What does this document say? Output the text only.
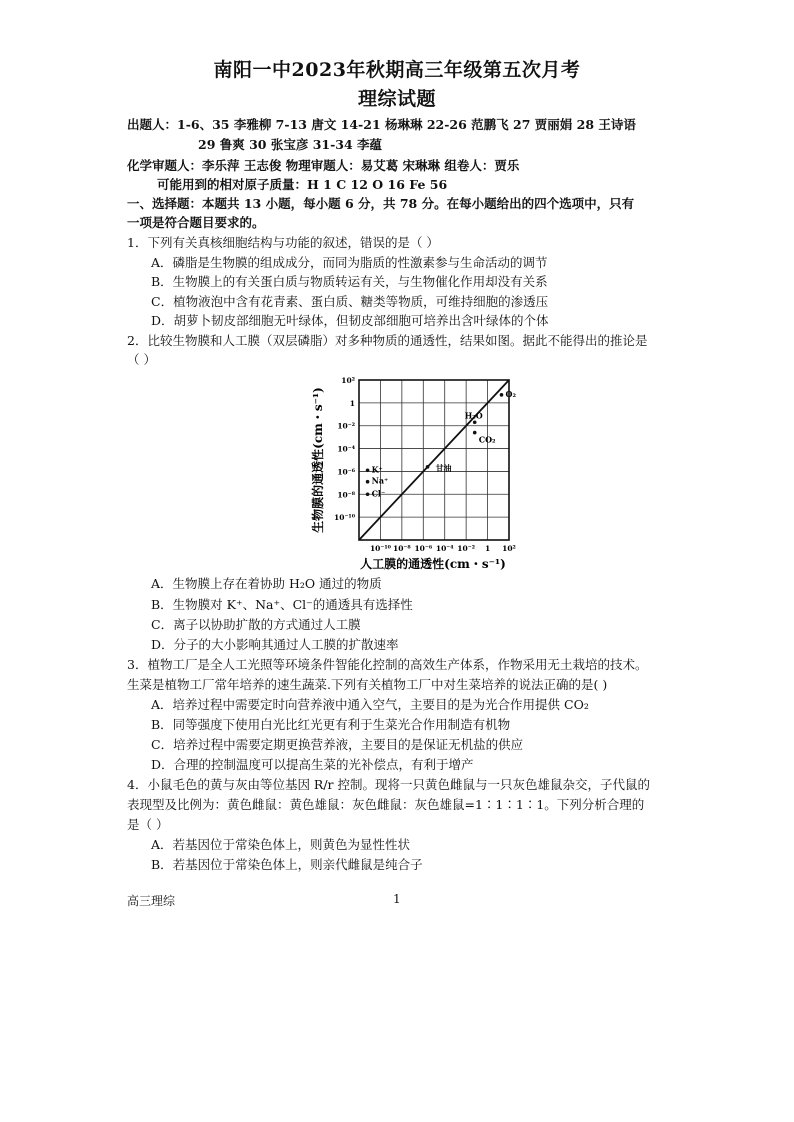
南阳一中2023年秋期高三年级第五次月考
理综试题
出题人：1-6、35 李雅柳 7-13 唐文 14-21 杨琳琳 22-26 范鹏飞 27 贾丽娟 28 王诗语
29 鲁爽 30 张宝彦 31-34 李蕴
化学审题人：李乐萍 王志俊 物理审题人：易艾葛 宋琳琳 组卷人：贾乐
可能用到的相对原子质量：H 1 C 12 O 16 Fe 56
一、选择题：本题共 13 小题，每小题 6 分，共 78 分。在每小题给出的四个选项中，只有
一项是符合题目要求的。
1．下列有关真核细胞结构与功能的叙述，错误的是（ ）
A．磷脂是生物膜的组成成分，而同为脂质的性激素参与生命活动的调节
B．生物膜上的有关蛋白质与物质转运有关，与生物催化作用却没有关系
C．植物液泡中含有花青素、蛋白质、糖类等物质，可维持细胞的渗透压
D．胡萝卜韧皮部细胞无叶绿体，但韧皮部细胞可培养出含叶绿体的个体
2．比较生物膜和人工膜（双层磷脂）对多种物质的通透性，结果如图。据此不能得出的推论是
（ ）
10²
1
10⁻²
10⁻⁴
10⁻⁶
10⁻⁸
10⁻¹⁰
10⁻¹⁰ 10⁻⁸ 10⁻⁶ 10⁻⁴ 10⁻² 1 10²
H₂O
CO₂
O₂
甘油
K⁺
Na⁺
Cl⁻
生物膜的通透性(cm・s⁻¹)
人工膜的通透性(cm・s⁻¹)
A．生物膜上存在着协助 H₂O 通过的物质
B．生物膜对 K⁺、Na⁺、Cl⁻的通透具有选择性
C．离子以协助扩散的方式通过人工膜
D．分子的大小影响其通过人工膜的扩散速率
3．植物工厂是全人工光照等环境条件智能化控制的高效生产体系，作物采用无土栽培的技术。
生菜是植物工厂常年培养的速生蔬菜.下列有关植物工厂中对生菜培养的说法正确的是( )
A．培养过程中需要定时向营养液中通入空气，主要目的是为光合作用提供 CO₂
B．同等强度下使用白光比红光更有利于生菜光合作用制造有机物
C．培养过程中需要定期更换营养液，主要目的是保证无机盐的供应
D．合理的控制温度可以提高生菜的光补偿点，有利于增产
4．小鼠毛色的黄与灰由等位基因 R/r 控制。现将一只黄色雌鼠与一只灰色雄鼠杂交，子代鼠的
表现型及比例为：黄色雌鼠：黄色雄鼠：灰色雌鼠：灰色雄鼠=1∶1∶1∶1。下列分析合理的
是（ ）
A．若基因位于常染色体上，则黄色为显性性状
B．若基因位于常染色体上，则亲代雌鼠是纯合子
高三理综	1
